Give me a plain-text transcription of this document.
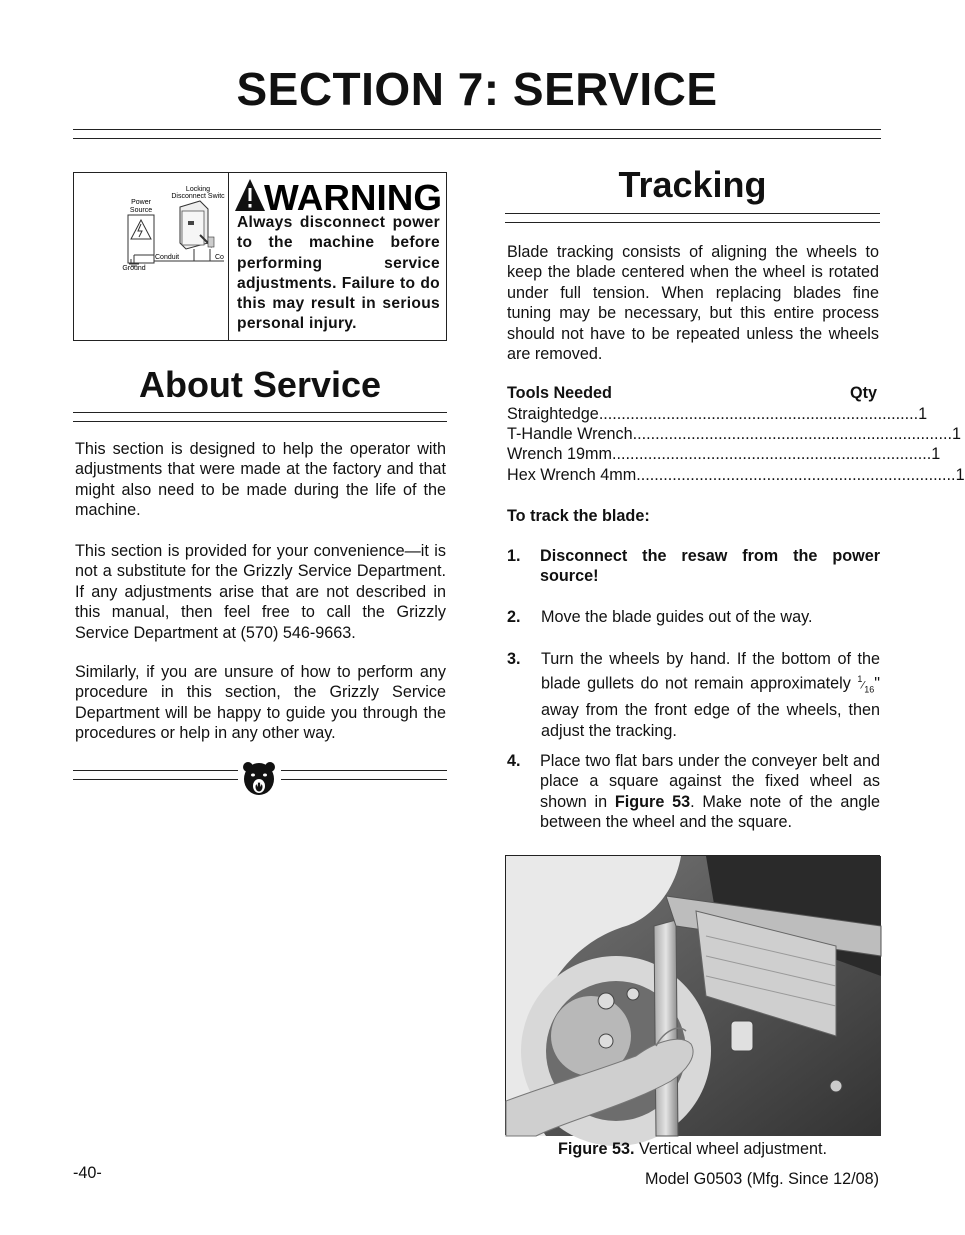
SECTION 7: SERVICE
Power
Source
Locking
Disconnect Switc
Ground
Conduit	Co
WARNING
Always disconnect power to the machine before performing service adjustments. Failure to do this may result in serious personal injury.
About Service
This section is designed to help the operator with adjustments that were made at the factory and that might also need to be made during the life of the machine.
This section is provided for your convenience—it is not a substitute for the Grizzly Service Department. If any adjustments arise that are not described in this manual, then feel free to call the Grizzly Service Department at (570) 546-9663.
Similarly, if you are unsure of how to perform any procedure in this section, the Grizzly Service Department will be happy to guide you through the procedures or help in any other way.
Tracking
Blade tracking consists of aligning the wheels to keep the blade centered when the wheel is rotated under full tension. When replacing blades fine tuning may be necessary, but this entire process should not have to be repeated unless the wheels are removed.
Tools Needed	Qty
Straightedge ....................................................................... 1
T-Handle Wrench ....................................................................... 1
Wrench 19mm ....................................................................... 1
Hex Wrench 4mm ....................................................................... 1
To track the blade:
1. Disconnect the resaw from the power source!
2. Move the blade guides out of the way.
3. Turn the wheels by hand. If the bottom of the blade gullets do not remain approximately $^1⁄_{16}$" away from the front edge of the wheels, then adjust the tracking.
4. Place two flat bars under the conveyer belt and place a square against the fixed wheel as shown in Figure 53. Make note of the angle between the wheel and the square.
Figure 53. Vertical wheel adjustment.
-40-	Model G0503 (Mfg. Since 12/08)
